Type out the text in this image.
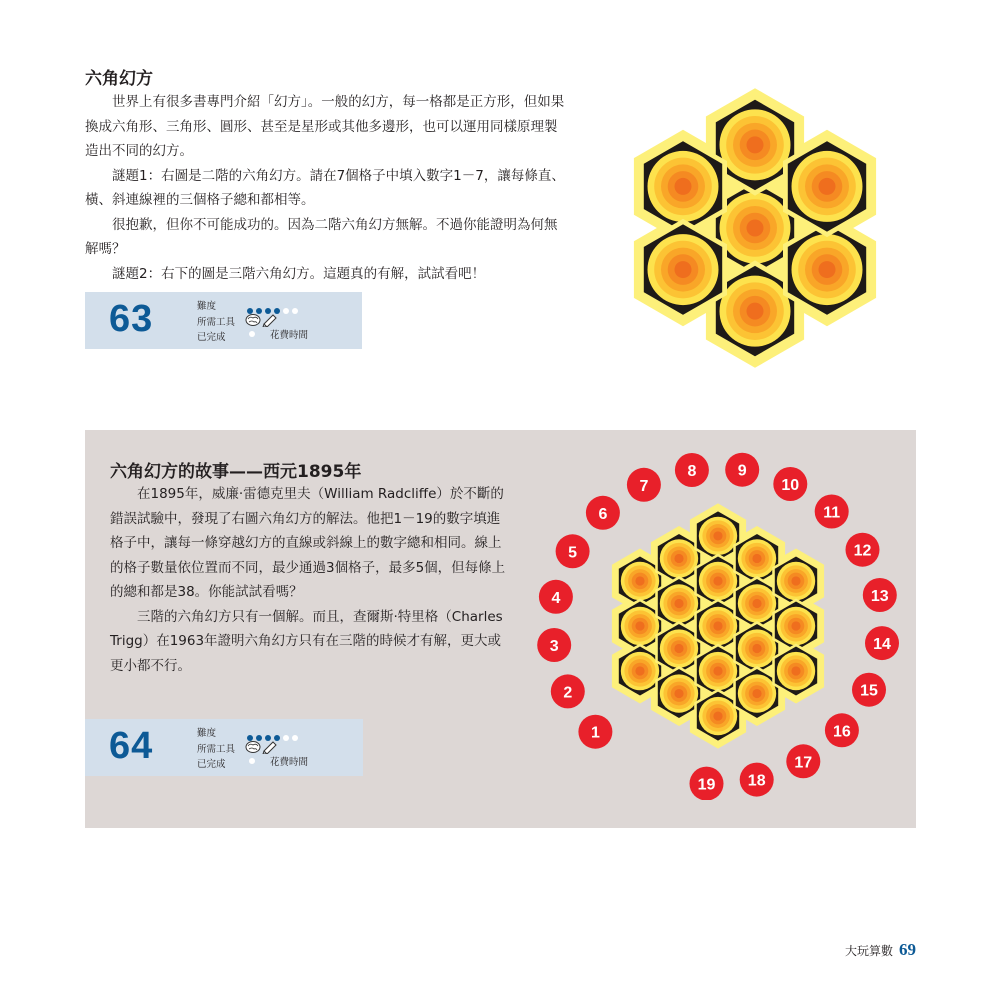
六角幻方

世界上有很多書專門介紹「幻方」。一般的幻方，每一格都是正方形，但如果換成六角形、三角形、圓形、甚至是星形或其他多邊形，也可以運用同樣原理製造出不同的幻方。

謎題1：右圖是二階的六角幻方。請在7個格子中填入數字1－7，讓每條直、橫、斜連線裡的三個格子總和都相等。

很抱歉，但你不可能成功的。因為二階六角幻方無解。不過你能證明為何無解嗎？

謎題2：右下的圖是三階六角幻方。這題真的有解，試試看吧！

63	難度
所需工具
已完成	花費時間
六角幻方的故事——西元1895年

在1895年，威廉‧雷德克里夫（William Radcliffe）於不斷的錯誤試驗中，發現了右圖六角幻方的解法。他把1－19的數字填進格子中，讓每一條穿越幻方的直線或斜線上的數字總和相同。線上的格子數量依位置而不同，最少通過3個格子，最多5個，但每條上的總和都是38。你能試試看嗎？

三階的六角幻方只有一個解。而且，查爾斯‧特里格（Charles Trigg）在1963年證明六角幻方只有在三階的時候才有解，更大或更小都不行。

64	難度
所需工具
已完成	花費時間
1
2
3
4
5
6
7
8	9
10
11
12
13
14
15
16
17
18
19
大玩算數 69
